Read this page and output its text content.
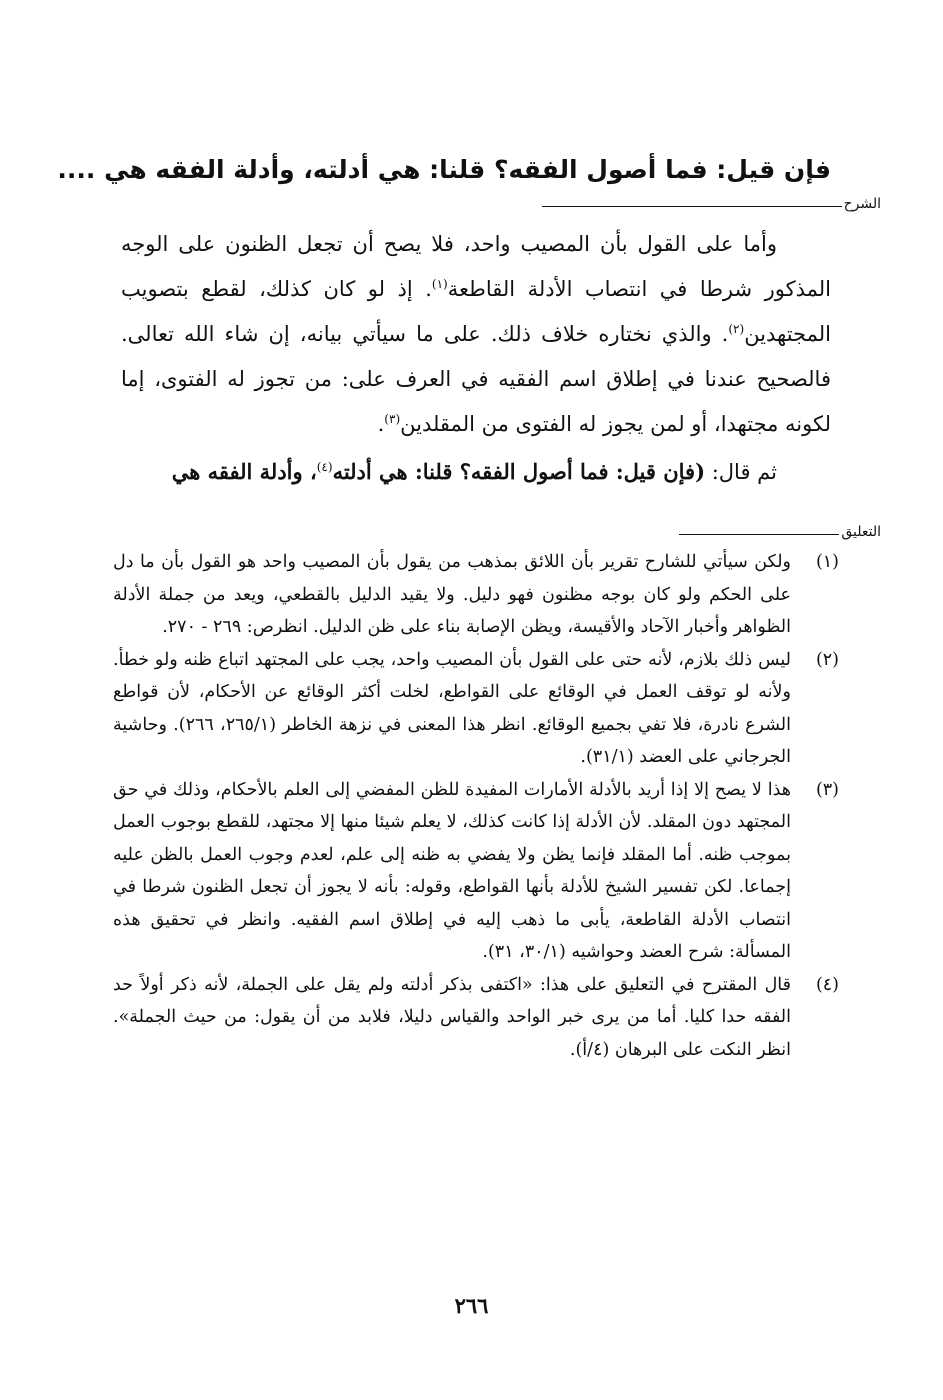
فإن قيل: فما أصول الفقه؟ قلنا: هي أدلته، وأدلة الفقه هي ....
الشرح

وأما على القول بأن المصيب واحد، فلا يصح أن تجعل الظنون على الوجه المذكور شرطا في انتصاب الأدلة القاطعة$^{(١)}$. إذ لو كان كذلك، لقطع بتصويب المجتهدين$^{(٢)}$. والذي نختاره خلاف ذلك. على ما سيأتي بيانه، إن شاء الله تعالى. فالصحيح عندنا في إطلاق اسم الفقيه في العرف على: من تجوز له الفتوى، إما لكونه مجتهدا، أو لمن يجوز له الفتوى من المقلدين$^{(٣)}$.

ثم قال: (فإن قيل: فما أصول الفقه؟ قلنا: هي أدلته$^{(٤)}$، وأدلة الفقه هي

التعليق
(١)
ولكن سيأتي للشارح تقرير بأن اللائق بمذهب من يقول بأن المصيب واحد هو القول بأن ما دل على الحكم ولو كان بوجه مظنون فهو دليل. ولا يقيد الدليل بالقطعي، ويعد من جملة الأدلة الظواهر وأخبار الآحاد والأقيسة، ويظن الإصابة بناء على ظن الدليل. انظرص: ٢٦٩ - ٢٧٠.
(٢)
ليس ذلك بلازم، لأنه حتى على القول بأن المصيب واحد، يجب على المجتهد اتباع ظنه ولو خطأ. ولأنه لو توقف العمل في الوقائع على القواطع، لخلت أكثر الوقائع عن الأحكام، لأن قواطع الشرع نادرة، فلا تفي بجميع الوقائع. انظر هذا المعنى في نزهة الخاطر (٢٦٥/١، ٢٦٦). وحاشية الجرجاني على العضد (٣١/١).
(٣)
هذا لا يصح إلا إذا أريد بالأدلة الأمارات المفيدة للظن المفضي إلى العلم بالأحكام، وذلك في حق المجتهد دون المقلد. لأن الأدلة إذا كانت كذلك، لا يعلم شيئا منها إلا مجتهد، للقطع بوجوب العمل بموجب ظنه. أما المقلد فإنما يظن ولا يفضي به ظنه إلى علم، لعدم وجوب العمل بالظن عليه إجماعا. لكن تفسير الشيخ للأدلة بأنها القواطع، وقوله: بأنه لا يجوز أن تجعل الظنون شرطا في انتصاب الأدلة القاطعة، يأبى ما ذهب إليه في إطلاق اسم الفقيه. وانظر في تحقيق هذه المسألة: شرح العضد وحواشيه (٣٠/١، ٣١).
(٤)
قال المقترح في التعليق على هذا: «اكتفى بذكر أدلته ولم يقل على الجملة، لأنه ذكر أولاً حد الفقه حدا كليا. أما من يرى خبر الواحد والقياس دليلا، فلابد من أن يقول: من حيث الجملة». انظر النكت على البرهان (٤/أ).
٢٦٦
